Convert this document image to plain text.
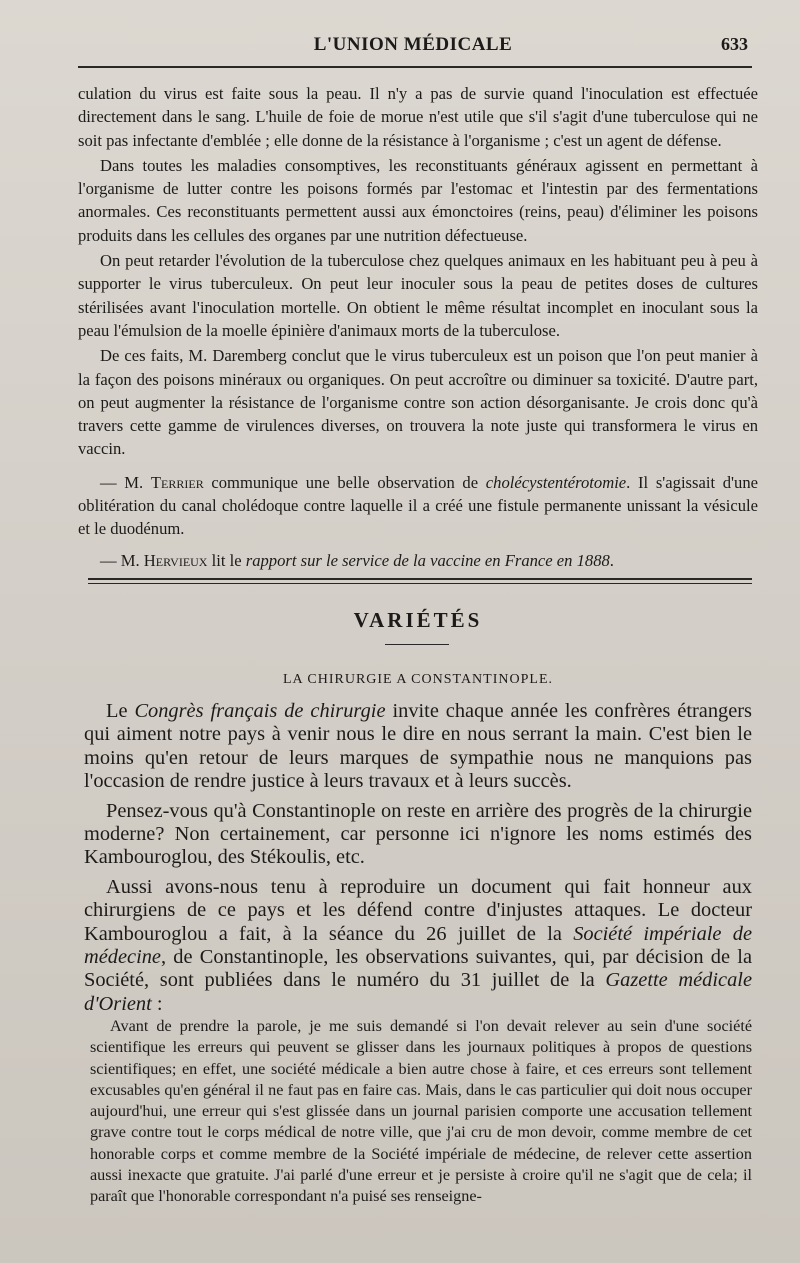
L'UNION MÉDICALE	633

culation du virus est faite sous la peau. Il n'y a pas de survie quand l'inoculation est effectuée directement dans le sang. L'huile de foie de morue n'est utile que s'il s'agit d'une tuberculose qui ne soit pas infectante d'emblée ; elle donne de la résistance à l'organisme ; c'est un agent de défense.

Dans toutes les maladies consomptives, les reconstituants généraux agissent en permettant à l'organisme de lutter contre les poisons formés par l'estomac et l'intestin par des fermentations anormales. Ces reconstituants permettent aussi aux émonctoires (reins, peau) d'éliminer les poisons produits dans les cellules des organes par une nutrition défectueuse.

On peut retarder l'évolution de la tuberculose chez quelques animaux en les habituant peu à peu à supporter le virus tuberculeux. On peut leur inoculer sous la peau de petites doses de cultures stérilisées avant l'inoculation mortelle. On obtient le même résultat incomplet en inoculant sous la peau l'émulsion de la moelle épinière d'animaux morts de la tuberculose.

De ces faits, M. Daremberg conclut que le virus tuberculeux est un poison que l'on peut manier à la façon des poisons minéraux ou organiques. On peut accroître ou diminuer sa toxicité. D'autre part, on peut augmenter la résistance de l'organisme contre son action désorganisante. Je crois donc qu'à travers cette gamme de virulences diverses, on trouvera la note juste qui transformera le virus en vaccin.

— M. Terrier communique une belle observation de cholécystentérotomie. Il s'agissait d'une oblitération du canal cholédoque contre laquelle il a créé une fistule permanente unissant la vésicule et le duodénum.

— M. Hervieux lit le rapport sur le service de la vaccine en France en 1888.

VARIÉTÉS
LA CHIRURGIE A CONSTANTINOPLE.

Le Congrès français de chirurgie invite chaque année les confrères étrangers qui aiment notre pays à venir nous le dire en nous serrant la main. C'est bien le moins qu'en retour de leurs marques de sympathie nous ne manquions pas l'occasion de rendre justice à leurs travaux et à leurs succès.

Pensez-vous qu'à Constantinople on reste en arrière des progrès de la chirurgie moderne? Non certainement, car personne ici n'ignore les noms estimés des Kambouroglou, des Stékoulis, etc.

Aussi avons-nous tenu à reproduire un document qui fait honneur aux chirurgiens de ce pays et les défend contre d'injustes attaques. Le docteur Kambouroglou a fait, à la séance du 26 juillet de la Société impériale de médecine, de Constantinople, les observations suivantes, qui, par décision de la Société, sont publiées dans le numéro du 31 juillet de la Gazette médicale d'Orient :

Avant de prendre la parole, je me suis demandé si l'on devait relever au sein d'une société scientifique les erreurs qui peuvent se glisser dans les journaux politiques à propos de questions scientifiques; en effet, une société médicale a bien autre chose à faire, et ces erreurs sont tellement excusables qu'en général il ne faut pas en faire cas. Mais, dans le cas particulier qui doit nous occuper aujourd'hui, une erreur qui s'est glissée dans un journal parisien comporte une accusation tellement grave contre tout le corps médical de notre ville, que j'ai cru de mon devoir, comme membre de cet honorable corps et comme membre de la Société impériale de médecine, de relever cette assertion aussi inexacte que gratuite. J'ai parlé d'une erreur et je persiste à croire qu'il ne s'agit que de cela; il paraît que l'honorable correspondant n'a puisé ses renseigne-
